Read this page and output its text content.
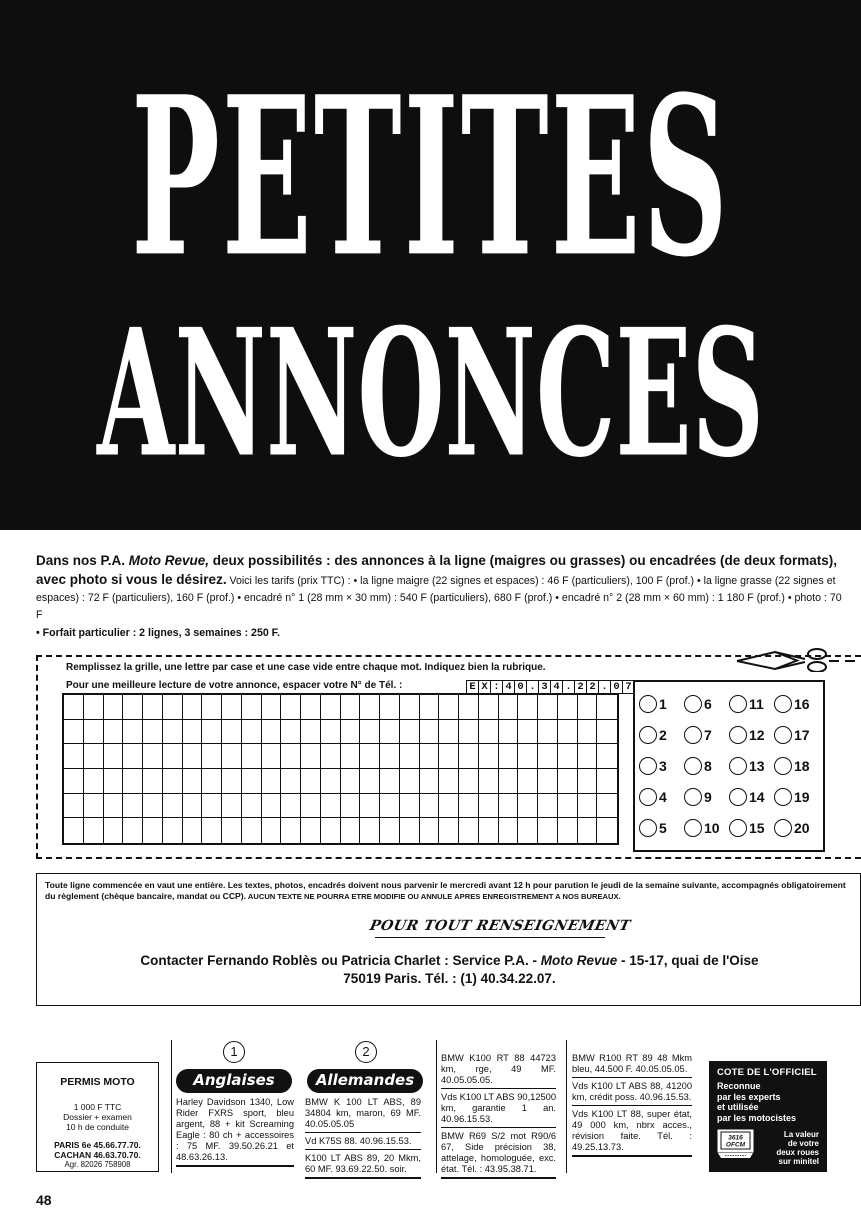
PETITES
ANNONCES
Dans nos P.A. Moto Revue, deux possibilités : des annonces à la ligne (maigres ou grasses) ou encadrées (de deux formats), avec photo si vous le désirez. Voici les tarifs (prix TTC) : • la ligne maigre (22 signes et espaces) : 46 F (particuliers), 100 F (prof.) • la ligne grasse (22 signes et espaces) : 72 F (particuliers), 160 F (prof.) • encadré n° 1 (28 mm × 30 mm) : 540 F (particuliers), 680 F (prof.) • encadré n° 2 (28 mm × 60 mm) : 1 180 F (prof.) • photo : 70 F
• Forfait particulier : 2 lignes, 3 semaines : 250 F.
Remplissez la grille, une lettre par case et une case vide entre chaque mot. Indiquez bien la rubrique.
Pour une meilleure lecture de votre annonce, espacer votre N° de Tél. :	E X : 4 0 . 3 4 . 2 2 . 0 7
1	6	11 16
2	7	12 17
3	8	13 18
4	9	14 19
5	10 15 20
Toute ligne commencée en vaut une entière. Les textes, photos, encadrés doivent nous parvenir le mercredi avant 12 h pour parution le jeudi de la semaine suivante, accompagnés obligatoirement du règlement (chèque bancaire, mandat ou CCP). AUCUN TEXTE NE POURRA ETRE MODIFIE OU ANNULE APRES ENREGISTREMENT A NOS BUREAUX.
POUR TOUT RENSEIGNEMENT
Contacter Fernando Roblès ou Patricia Charlet : Service P.A. - Moto Revue - 15-17, quai de l'Oise
75019 Paris. Tél. : (1) 40.34.22.07.
PERMIS MOTO
1 000 F TTC
Dossier + examen
10 h de conduite
PARIS 6e 45.66.77.70.
CACHAN 46.63.70.70.
Agr. 82026 758908
1
Anglaises
Harley Davidson 1340, Low Rider FXRS sport, bleu argent, 88 + kit Screaming Eagle : 80 ch + accessoires : 75 MF. 39.50.26.21 et 48.63.26.13.
2
Allemandes
BMW K 100 LT ABS, 89 34804 km, maron, 69 MF. 40.05.05.05
Vd K75S 88. 40.96.15.53.
K100 LT ABS 89, 20 Mkm, 60 MF. 93.69.22.50. soir.
BMW K100 RT 88 44723 km, rge, 49 MF. 40.05.05.05.
Vds K100 LT ABS 90,12500 km, garantie 1 an. 40.96.15.53.
BMW R69 S/2 mot R90/6 67, Side précision 38, attelage, homologuée, exc. état. Tél. : 43.95.38.71.
BMW R100 RT 89 48 Mkm bleu, 44.500 F. 40.05.05.05.
Vds K100 LT ABS 88, 41200 km, crédit poss. 40.96.15.53.
Vds K100 LT 88, super état, 49 000 km, nbrx acces., révision faite. Tél. : 49.25.13.73.
COTE DE L'OFFICIEL
Reconnue
par les experts
et utilisée
par les motocistes
3616
OFCM
La valeur
de votre
deux roues
sur minitel
48
